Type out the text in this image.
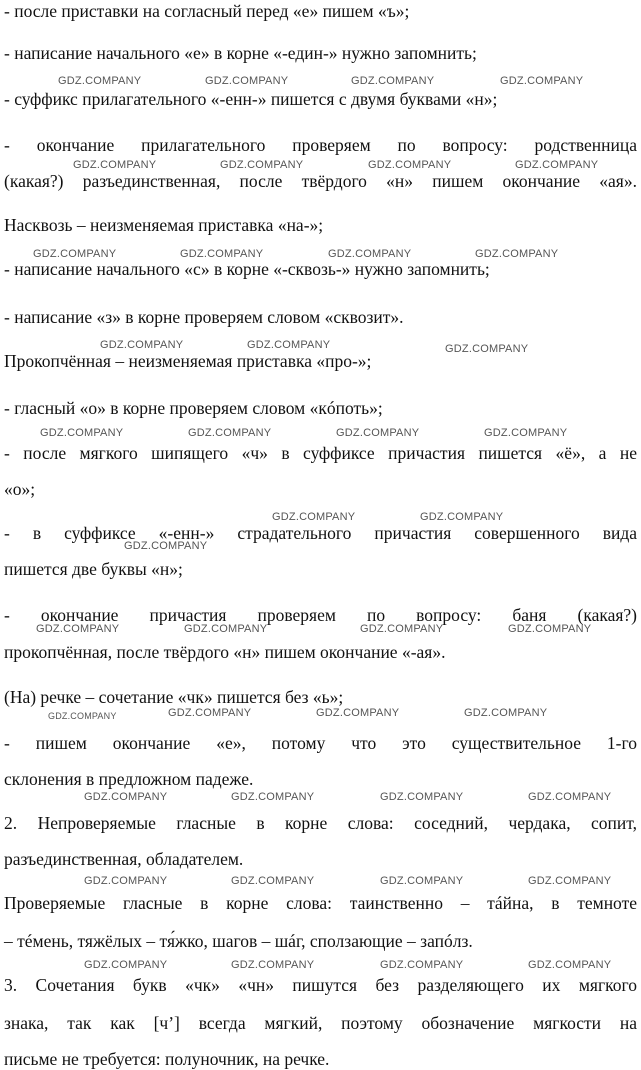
- после приставки на согласный перед «е» пишем «ъ»;
- написание начального «е» в корне «-един-» нужно запомнить;
- суффикс прилагательного «-енн-» пишется с двумя буквами «н»;
- окончание прилагательного проверяем по вопросу: родственница
(какая?) разъединственная, после твёрдого «н» пишем окончание «ая».
Насквозь – неизменяемая приставка «на-»;
- написание начального «с» в корне «-сквозь-» нужно запомнить;
- написание «з» в корне проверяем словом «сквозит».
Прокопчённая – неизменяемая приставка «про-»;
- гласный «о» в корне проверяем словом «кóпоть»;
- после мягкого шипящего «ч» в суффиксе причастия пишется «ё», а не
«о»;
- в суффиксе «-енн-» страдательного причастия совершенного вида
пишется две буквы «н»;
- окончание причастия проверяем по вопросу: баня (какая?)
прокопчённая, после твёрдого «н» пишем окончание «-ая».
(На) речке – сочетание «чк» пишется без «ь»;
- пишем окончание «е», потому что это существительное 1-го
склонения в предложном падеже.
2. Непроверяемые гласные в корне слова: соседний, чердака, сопит,
разъединственная, обладателем.
Проверяемые гласные в корне слова: таинственно – тáйна, в темноте
– тéмень, тяжёлых – тя́жко, шагов – шáг, сползающие – запóлз.
3. Сочетания букв «чк» «чн» пишутся без разделяющего их мягкого
знака, так как [ч’] всегда мягкий, поэтому обозначение мягкости на
письме не требуется: полуночник, на речке.
GDZ.COMPANY	GDZ.COMPANY	GDZ.COMPANY	GDZ.COMPANY
GDZ.COMPANY	GDZ.COMPANY	GDZ.COMPANY	GDZ.COMPANY
GDZ.COMPANY	GDZ.COMPANY	GDZ.COMPANY	GDZ.COMPANY
GDZ.COMPANY	GDZ.COMPANY	GDZ.COMPANY
GDZ.COMPANY	GDZ.COMPANY	GDZ.COMPANY	GDZ.COMPANY
GDZ.COMPANY	GDZ.COMPANY
GDZ.COMPANY
GDZ.COMPANY	GDZ.COMPANY	GDZ.COMPANY	GDZ.COMPANY
GDZ.COMPANY	GDZ.COMPANY	GDZ.COMPANY
GDZ.COMPANY	GDZ.COMPANY	GDZ.COMPANY	GDZ.COMPANY
GDZ.COMPANY	GDZ.COMPANY	GDZ.COMPANY	GDZ.COMPANY
GDZ.COMPANY	GDZ.COMPANY	GDZ.COMPANY	GDZ.COMPANY
GDZ.COMPANY
